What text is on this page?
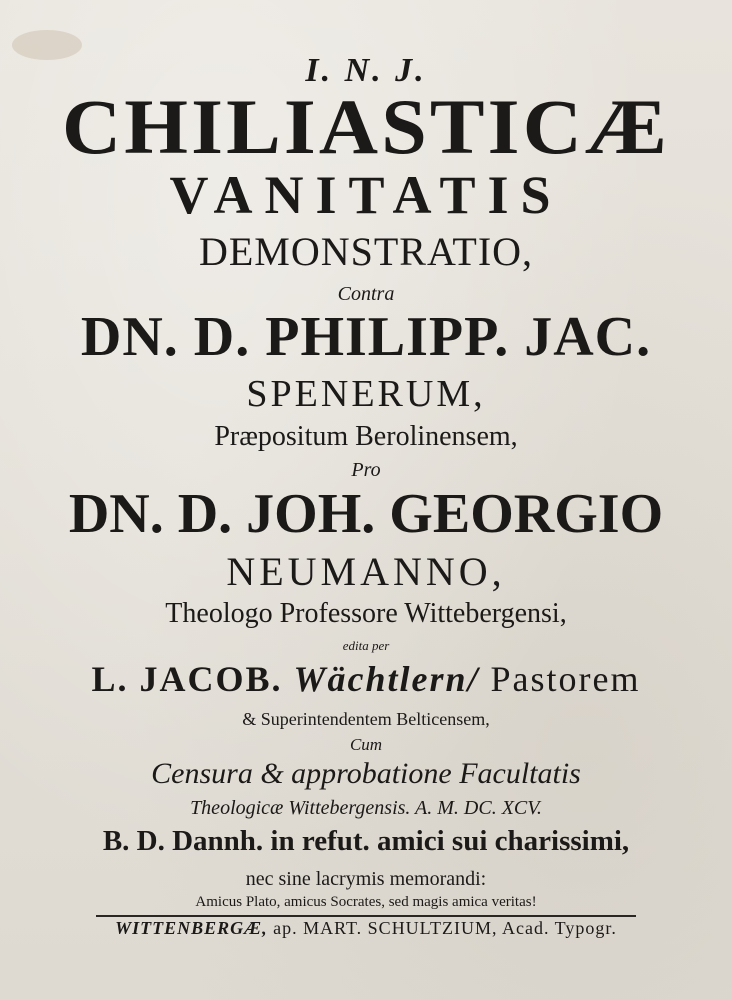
I. N. J.
CHILIASTICÆ
VANITATIS
DEMONSTRATIO,
Contra
DN. D. PHILIPP. JAC.
SPENERUM,
Præpositum Berolinensem,
Pro
DN. D. JOH. GEORGIO
NEUMANNO,
Theologo Professore Wittebergensi,
edita per
L. JACOB. Wächtlern/ Pastorem
& Superintendentem Belticensem,
Cum
Censura & approbatione Facultatis
Theologicæ Wittebergensis. A. M. DC. XCV.
B. D. Dannh. in refut. amici sui charissimi,
nec sine lacrymis memorandi:
Amicus Plato, amicus Socrates, sed magis amica veritas!
WITTENBERGÆ, ap. MART. SCHULTZIUM, Acad. Typogr.
